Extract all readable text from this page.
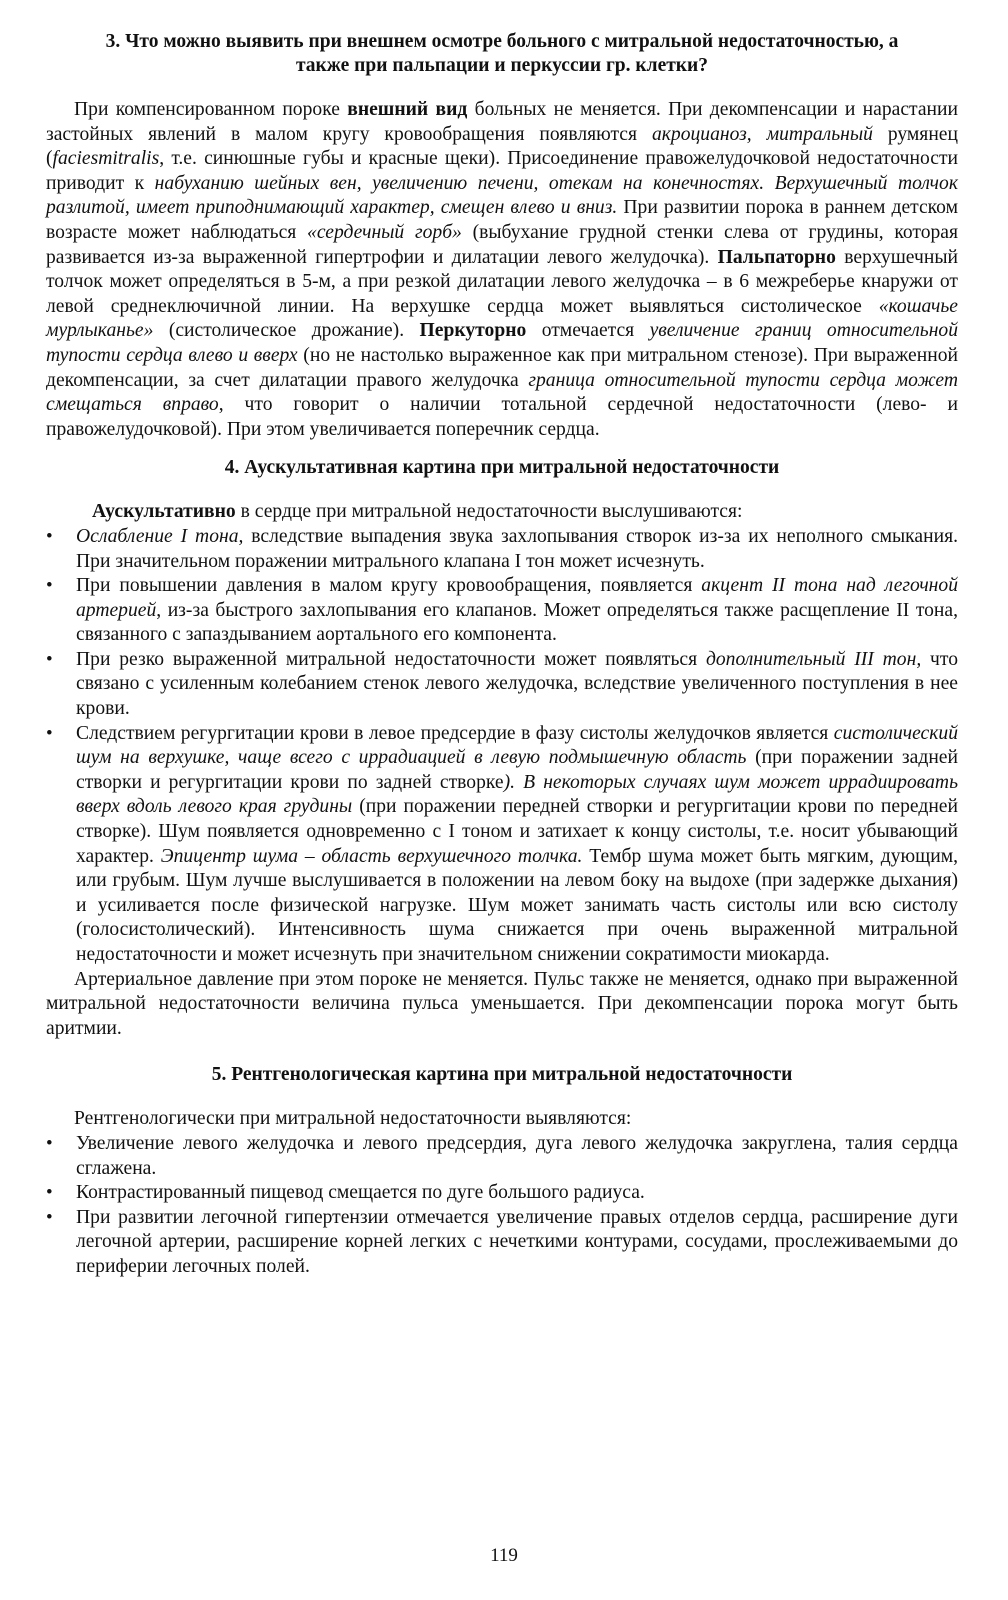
3. Что можно выявить при внешнем осмотре больного с митральной недостаточностью, а
также при пальпации и перкуссии гр. клетки?

При компенсированном пороке внешний вид больных не меняется. При декомпенсации и нарастании застойных явлений в малом кругу кровообращения появляются акроцианоз, митральный румянец (faciesmitralis, т.е. синюшные губы и красные щеки). Присоединение правожелудочковой недостаточности приводит к набуханию шейных вен, увеличению печени, отекам на конечностях. Верхушечный толчок разлитой, имеет приподнимающий характер, смещен влево и вниз. При развитии порока в раннем детском возрасте может наблюдаться «сердечный горб» (выбухание грудной стенки слева от грудины, которая развивается из-за выраженной гипертрофии и дилатации левого желудочка). Пальпаторно верхушечный толчок может определяться в 5-м, а при резкой дилатации левого желудочка – в 6 межреберье кнаружи от левой среднеключичной линии. На верхушке сердца может выявляться систолическое «кошачье мурлыканье» (систолическое дрожание). Перкуторно отмечается увеличение границ относительной тупости сердца влево и вверх (но не настолько выраженное как при митральном стенозе). При выраженной декомпенсации, за счет дилатации правого желудочка граница относительной тупости сердца может смещаться вправо, что говорит о наличии тотальной сердечной недостаточности (лево- и правожелудочковой). При этом увеличивается поперечник сердца.

4. Аускультативная картина при митральной недостаточности

Аускультативно в сердце при митральной недостаточности выслушиваются:

• Ослабление I тона, вследствие выпадения звука захлопывания створок из-за их неполного смыкания. При значительном поражении митрального клапана I тон может исчезнуть.
• При повышении давления в малом кругу кровообращения, появляется акцент II тона над легочной артерией, из-за быстрого захлопывания его клапанов. Может определяться также расщепление II тона, связанного с запаздыванием аортального его компонента.
• При резко выраженной митральной недостаточности может появляться дополнительный III тон, что связано с усиленным колебанием стенок левого желудочка, вследствие увеличенного поступления в нее крови.
• Следствием регургитации крови в левое предсердие в фазу систолы желудочков является систолический шум на верхушке, чаще всего с иррадиацией в левую подмышечную область (при поражении задней створки и регургитации крови по задней створке). В некоторых случаях шум может иррадиировать вверх вдоль левого края грудины (при поражении передней створки и регургитации крови по передней створке). Шум появляется одновременно с I тоном и затихает к концу систолы, т.е. носит убывающий характер. Эпицентр шума – область верхушечного толчка. Тембр шума может быть мягким, дующим, или грубым. Шум лучше выслушивается в положении на левом боку на выдохе (при задержке дыхания) и усиливается после физической нагрузке. Шум может занимать часть систолы или всю систолу (голосистолический). Интенсивность шума снижается при очень выраженной митральной недостаточности и может исчезнуть при значительном снижении сократимости миокарда.

Артериальное давление при этом пороке не меняется. Пульс также не меняется, однако при выраженной митральной недостаточности величина пульса уменьшается. При декомпенсации порока могут быть аритмии.

5. Рентгенологическая картина при митральной недостаточности

Рентгенологически при митральной недостаточности выявляются:

• Увеличение левого желудочка и левого предсердия, дуга левого желудочка закруглена, талия сердца сглажена.
• Контрастированный пищевод смещается по дуге большого радиуса.
• При развитии легочной гипертензии отмечается увеличение правых отделов сердца, расширение дуги легочной артерии, расширение корней легких с нечеткими контурами, сосудами, прослеживаемыми до периферии легочных полей.
119
